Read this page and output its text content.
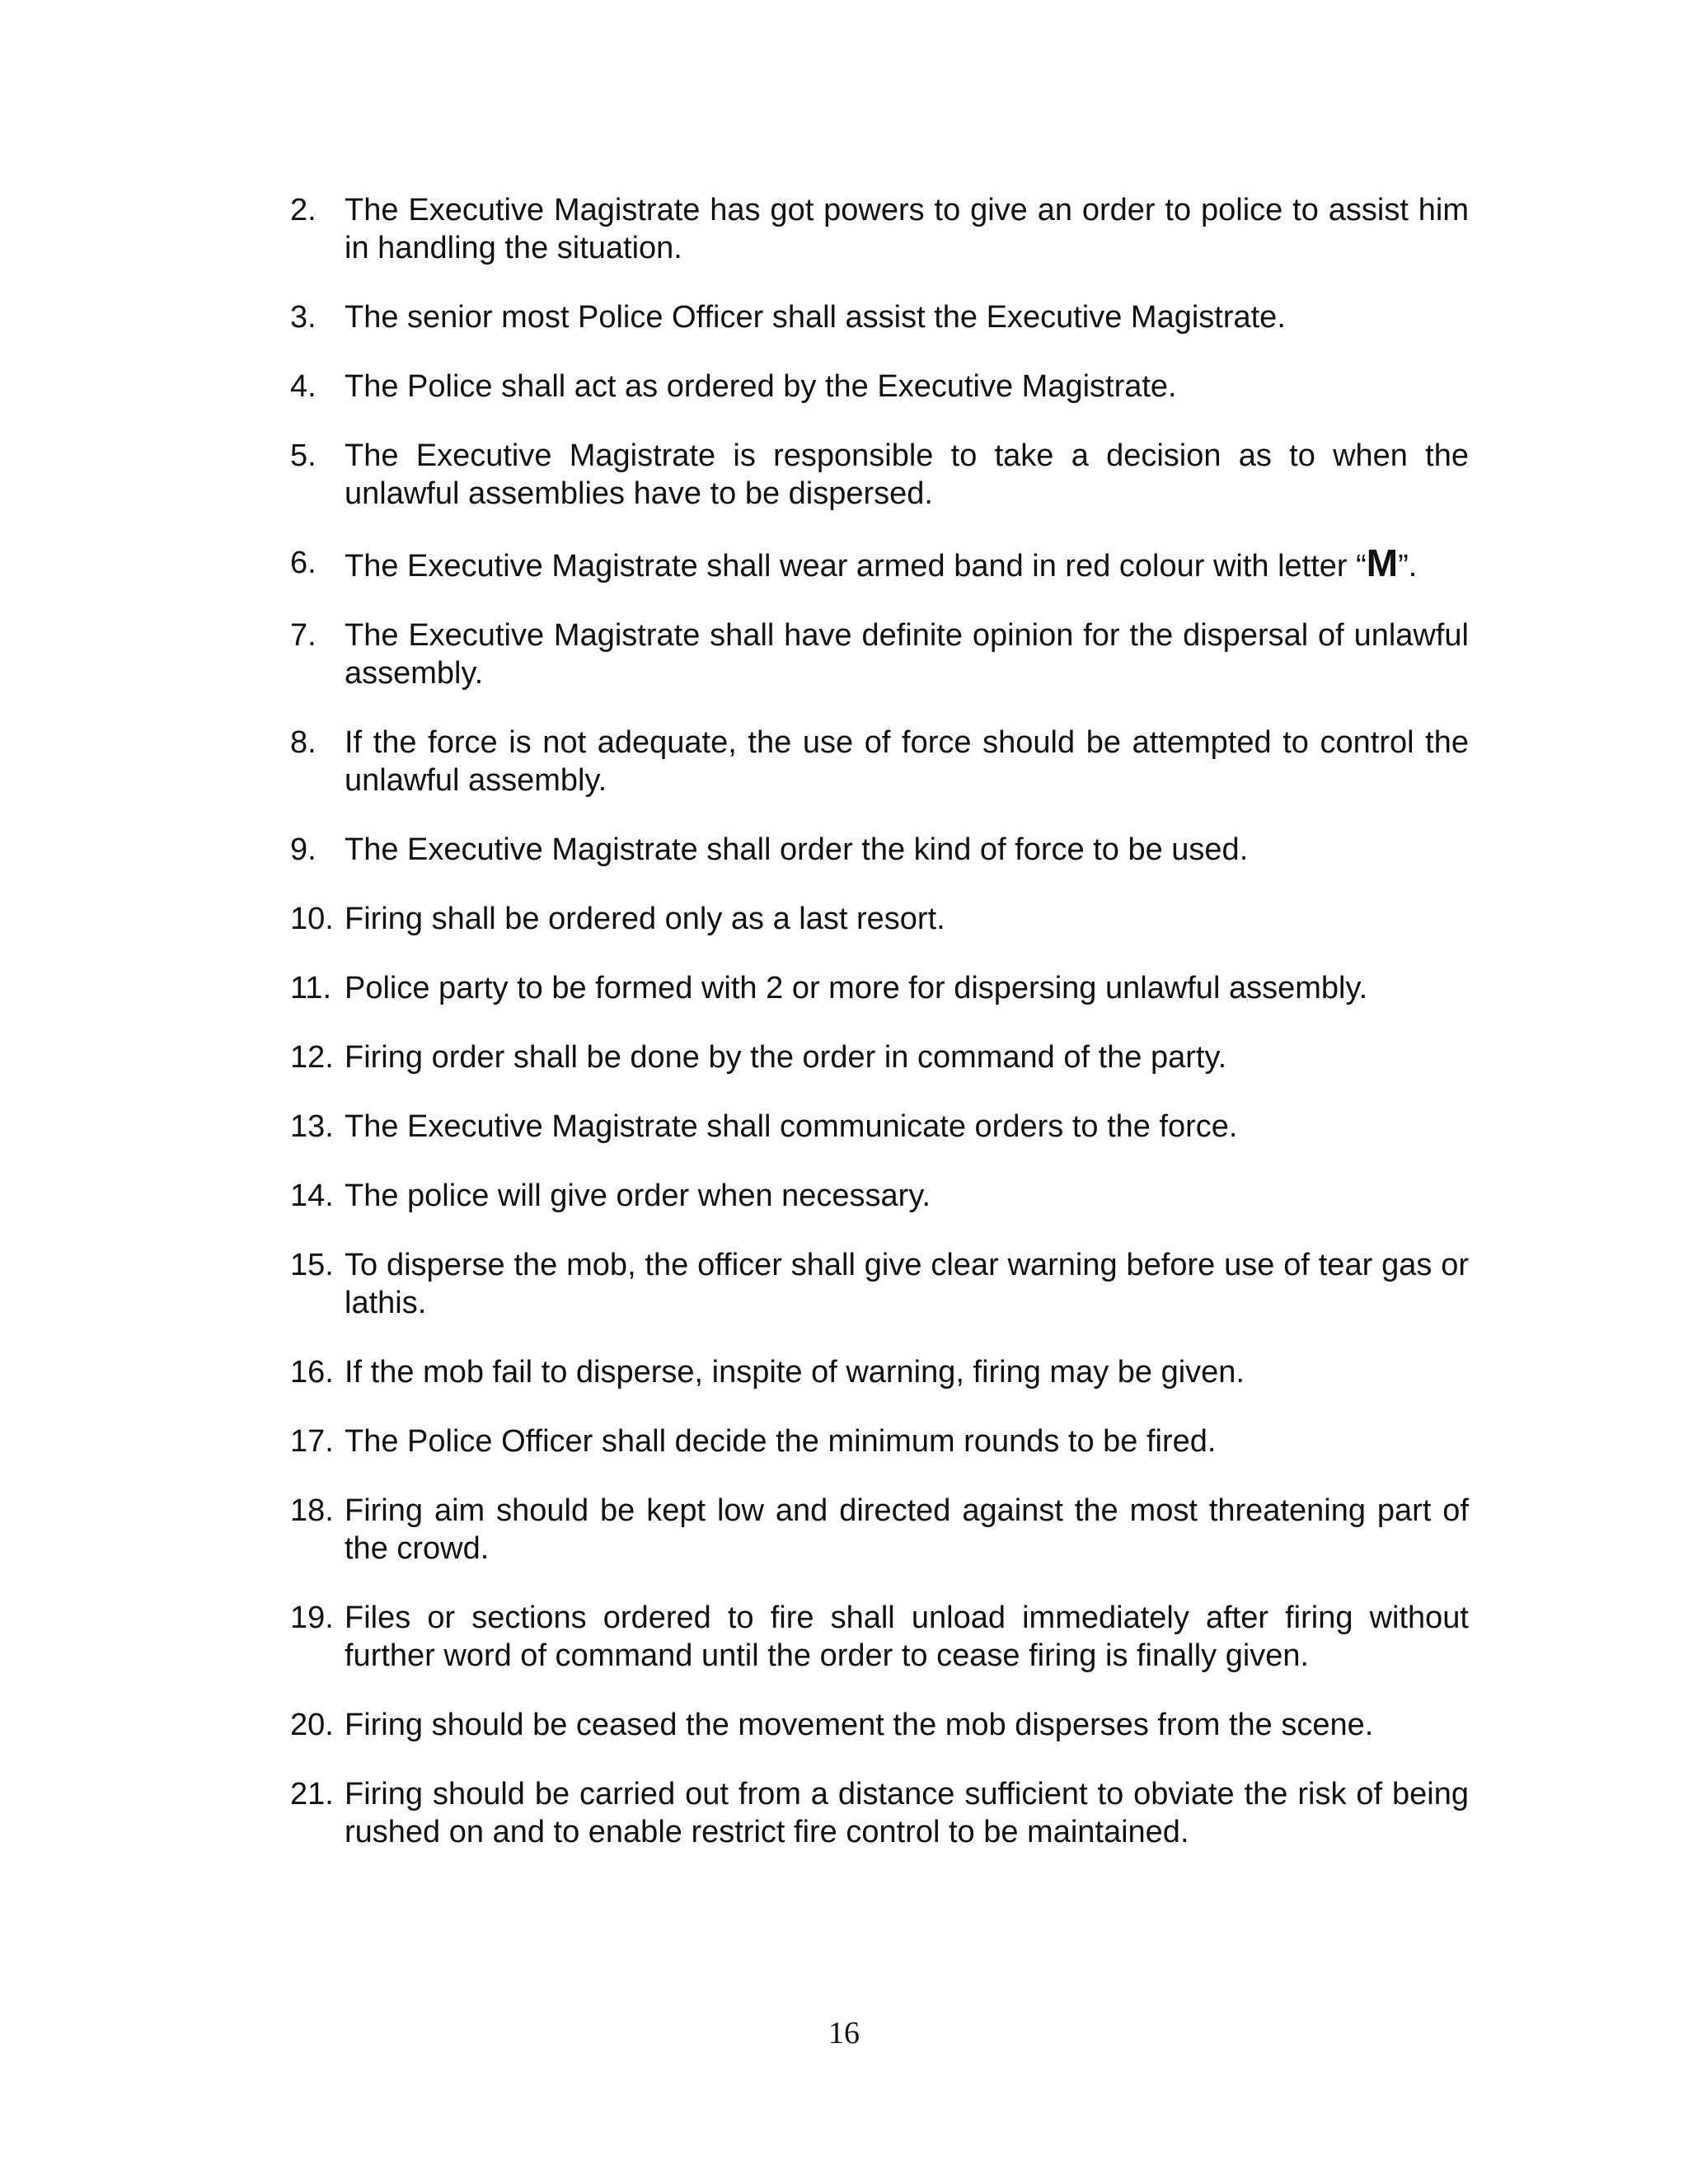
2. The Executive Magistrate has got powers to give an order to police to assist him in handling the situation.
3. The senior most Police Officer shall assist the Executive Magistrate.
4. The Police shall act as ordered by the Executive Magistrate.
5. The Executive Magistrate is responsible to take a decision as to when the unlawful assemblies have to be dispersed.
6. The Executive Magistrate shall wear armed band in red colour with letter “M”.
7. The Executive Magistrate shall have definite opinion for the dispersal of unlawful assembly.
8. If the force is not adequate, the use of force should be attempted to control the unlawful assembly.
9. The Executive Magistrate shall order the kind of force to be used.
10. Firing shall be ordered only as a last resort.
11. Police party to be formed with 2 or more for dispersing unlawful assembly.
12. Firing order shall be done by the order in command of the party.
13. The Executive Magistrate shall communicate orders to the force.
14. The police will give order when necessary.
15. To disperse the mob, the officer shall give clear warning before use of tear gas or lathis.
16. If the mob fail to disperse, inspite of warning, firing may be given.
17. The Police Officer shall decide the minimum rounds to be fired.
18. Firing aim should be kept low and directed against the most threatening part of the crowd.
19. Files or sections ordered to fire shall unload immediately after firing without further word of command until the order to cease firing is finally given.
20. Firing should be ceased the movement the mob disperses from the scene.
21. Firing should be carried out from a distance sufficient to obviate the risk of being rushed on and to enable restrict fire control to be maintained.
16
